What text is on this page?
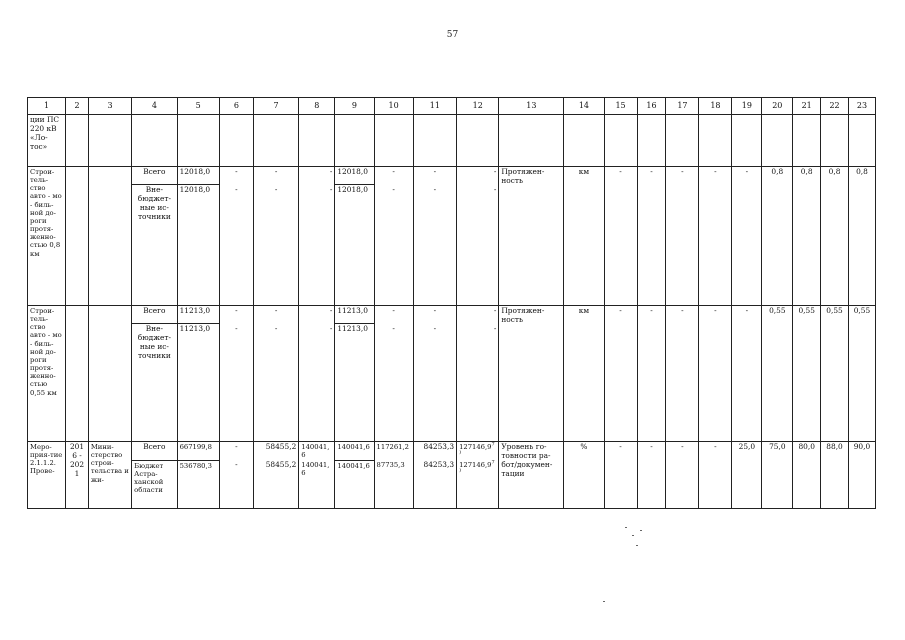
57
1	2	3	4	5	6	7	8	9	10	11	12	13	14	15	16	17	18	19	20	21	22	23
ции ПС 220 кВ «Ло-тос»																						
Строи-тель-ство авто - мо - биль-ной до-роги протя-женно-стью 0,8 км			Всего	12018,0	-	-	-	12018,0	-	-	-	Протяжен-ность	км	-	-	-	-	-	0,8	0,8	0,8	0,8
			Вне-бюджет-ные ис-точники	12018,0	-	-	-	12018,0	-	-	-											
Строи-тель-ство авто - мо - биль-ной до-роги протя-женно-стью 0,55 км			Всего	11213,0	-	-	-	11213,0	-	-	-	Протяжен-ность	км	-	-	-	-	-	0,55	0,55	0,55	0,55
			Вне-бюджет-ные ис-точники	11213,0	-	-	-	11213,0	-	-	-											
Меро-прия-тие 2.1.1.2. Прове-	2016 - 2021	Мини-стерство строи-тельства и жи-	Всего	667199,8	-	58455,2	140041,6	140041,6	117261,2	84253,3	127146,9$^{7)}$	Уровень го-товности ра-бот/докумен-тации	%	-	-	-	-	25,0	75,0	80,0	88,0	90,0
			Бюджет Астра-ханской области	536780,3	-	58455,2	140041,6	140041,6	87735,3	84253,3	127146,9$^{7)}$
